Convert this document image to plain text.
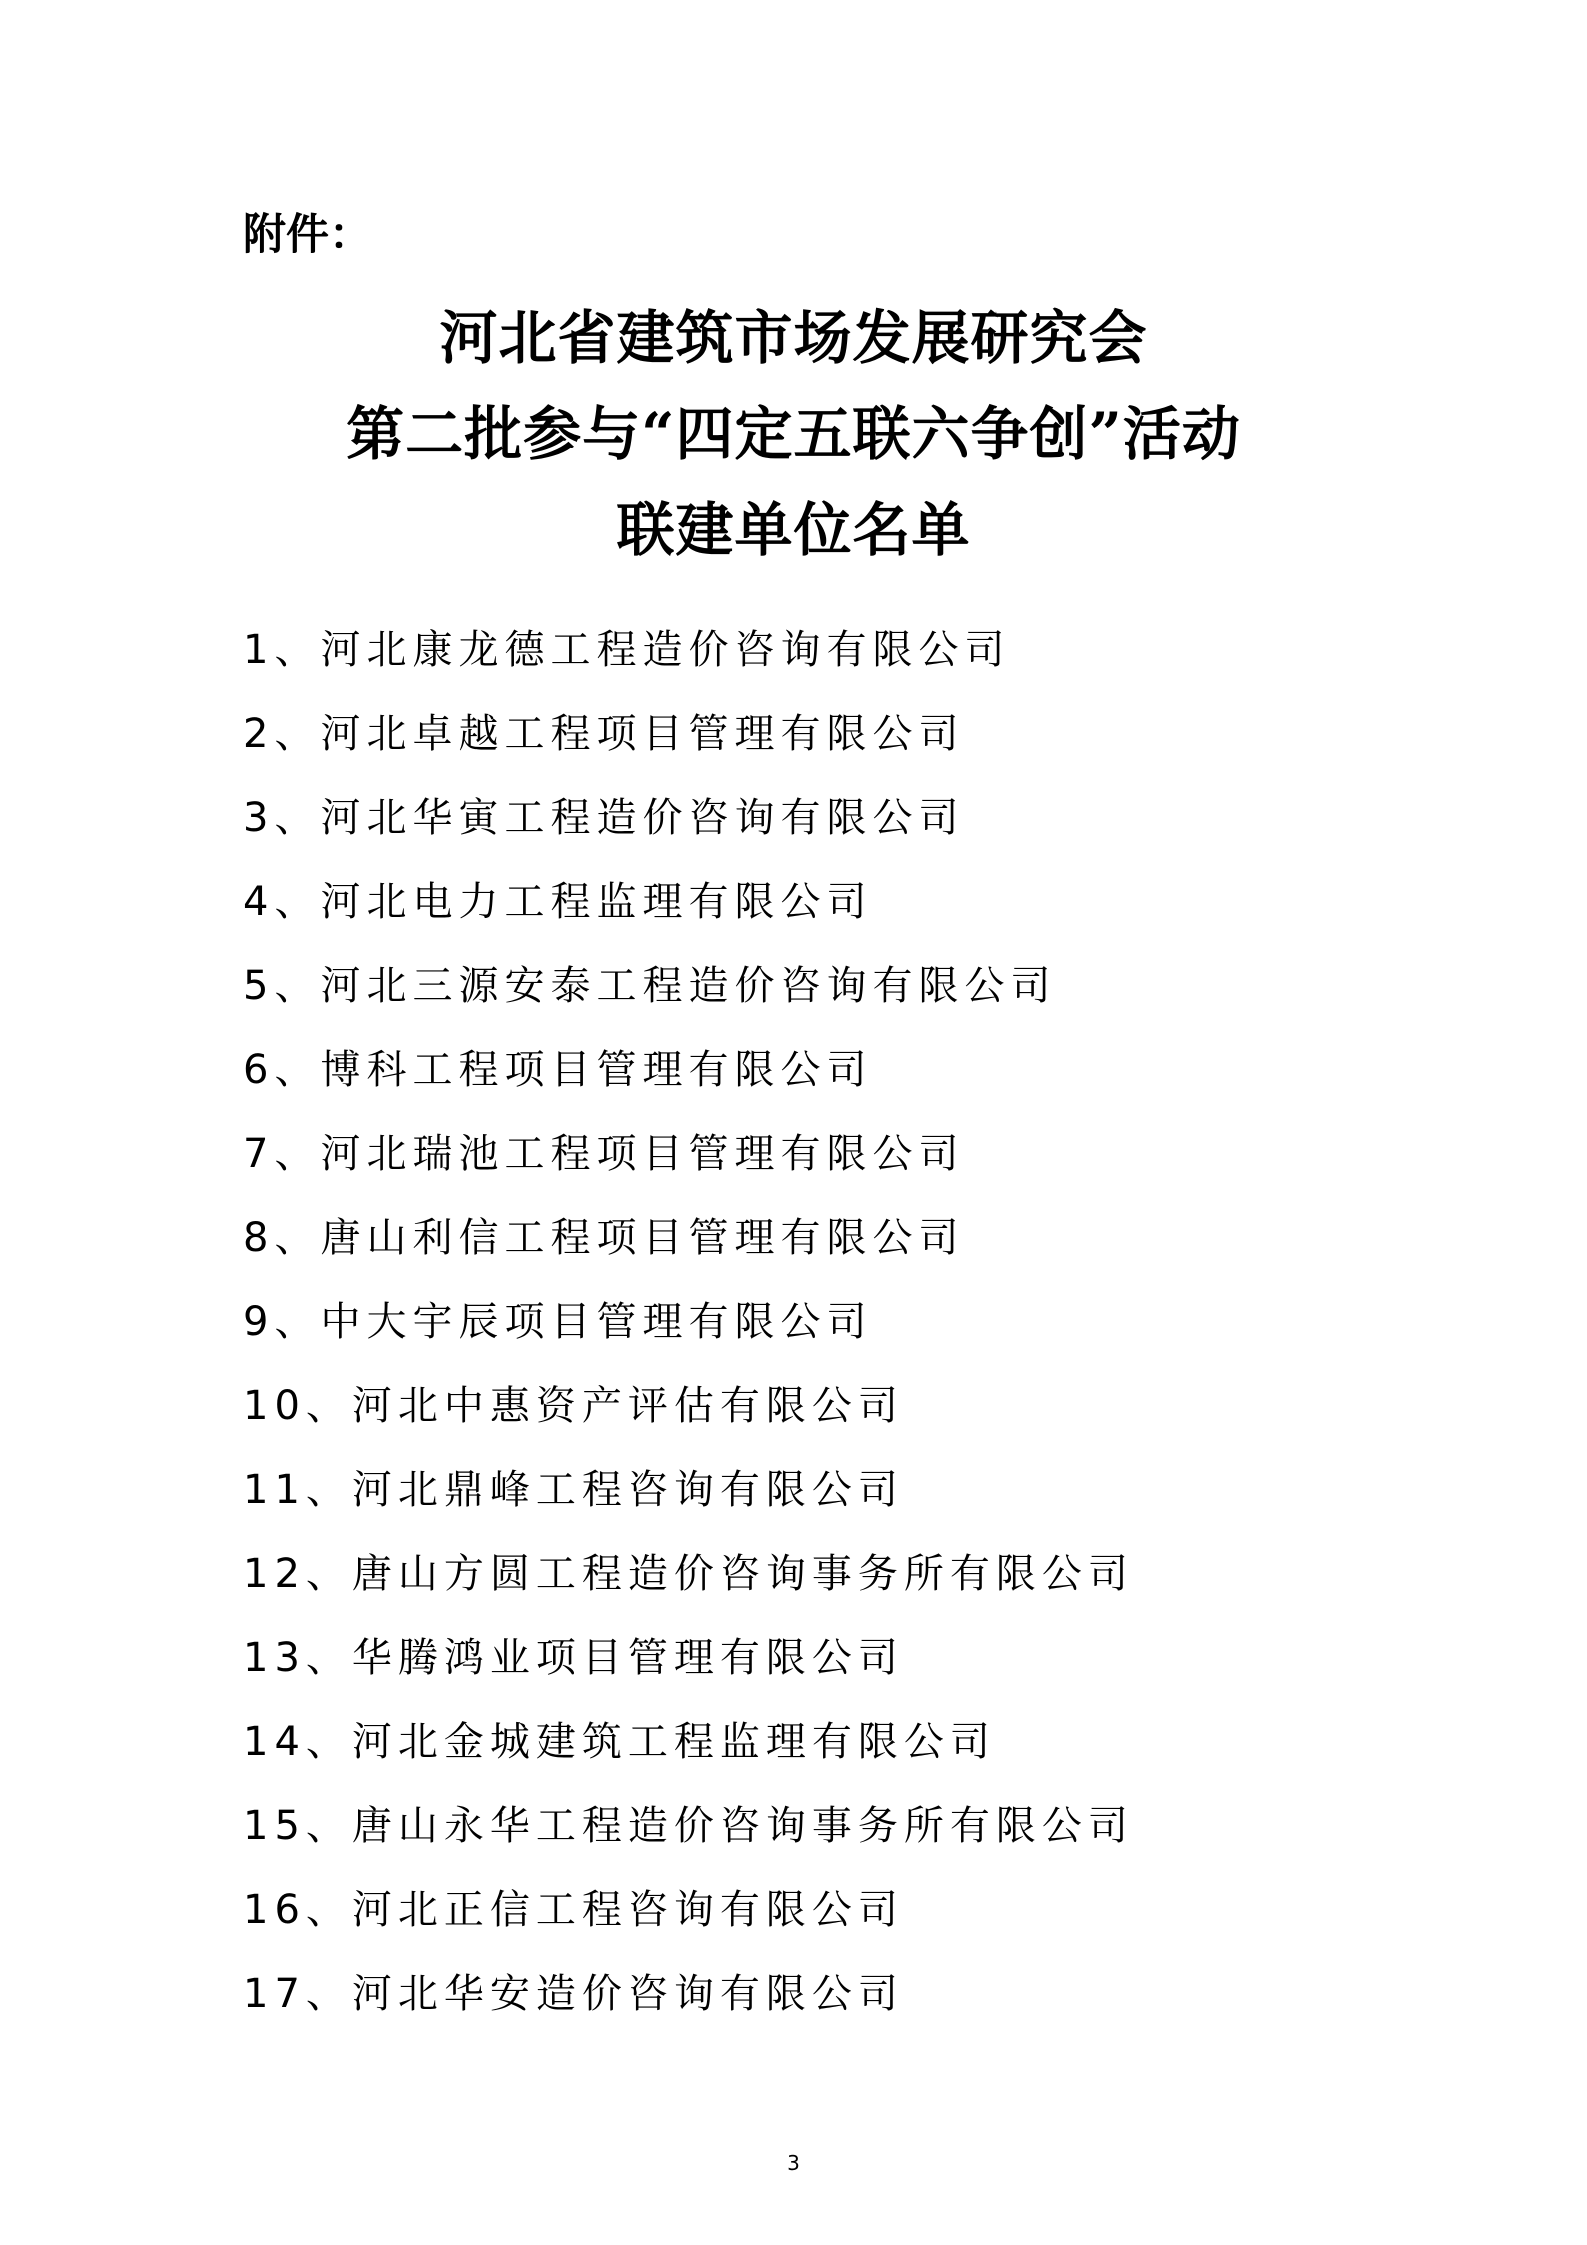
附件：
河北省建筑市场发展研究会
第二批参与“四定五联六争创”活动
联建单位名单
1、河北康龙德工程造价咨询有限公司
2、河北卓越工程项目管理有限公司
3、河北华寅工程造价咨询有限公司
4、河北电力工程监理有限公司
5、河北三源安泰工程造价咨询有限公司
6、博科工程项目管理有限公司
7、河北瑞池工程项目管理有限公司
8、唐山利信工程项目管理有限公司
9、中大宇辰项目管理有限公司
10、河北中惠资产评估有限公司
11、河北鼎峰工程咨询有限公司
12、唐山方圆工程造价咨询事务所有限公司
13、华腾鸿业项目管理有限公司
14、河北金城建筑工程监理有限公司
15、唐山永华工程造价咨询事务所有限公司
16、河北正信工程咨询有限公司
17、河北华安造价咨询有限公司
3
